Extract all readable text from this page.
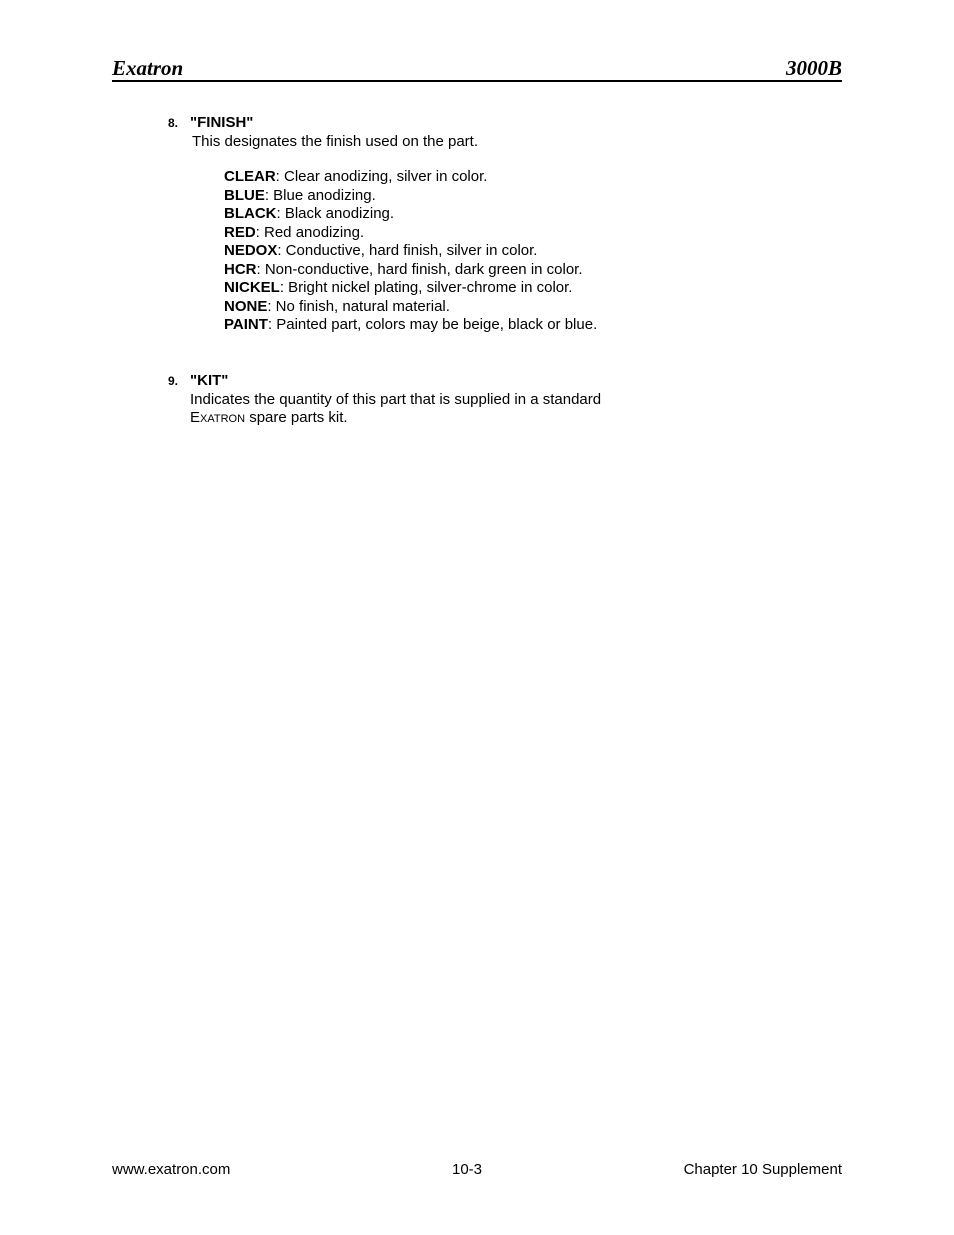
Exatron	3000B
8. "FINISH"
This designates the finish used on the part.
CLEAR: Clear anodizing, silver in color.
BLUE: Blue anodizing.
BLACK: Black anodizing.
RED: Red anodizing.
NEDOX: Conductive, hard finish, silver in color.
HCR: Non-conductive, hard finish, dark green in color.
NICKEL: Bright nickel plating, silver-chrome in color.
NONE: No finish, natural material.
PAINT: Painted part, colors may be beige, black or blue.
9. "KIT"
Indicates the quantity of this part that is supplied in a standard
Exatron spare parts kit.
www.exatron.com	10-3	Chapter 10 Supplement
